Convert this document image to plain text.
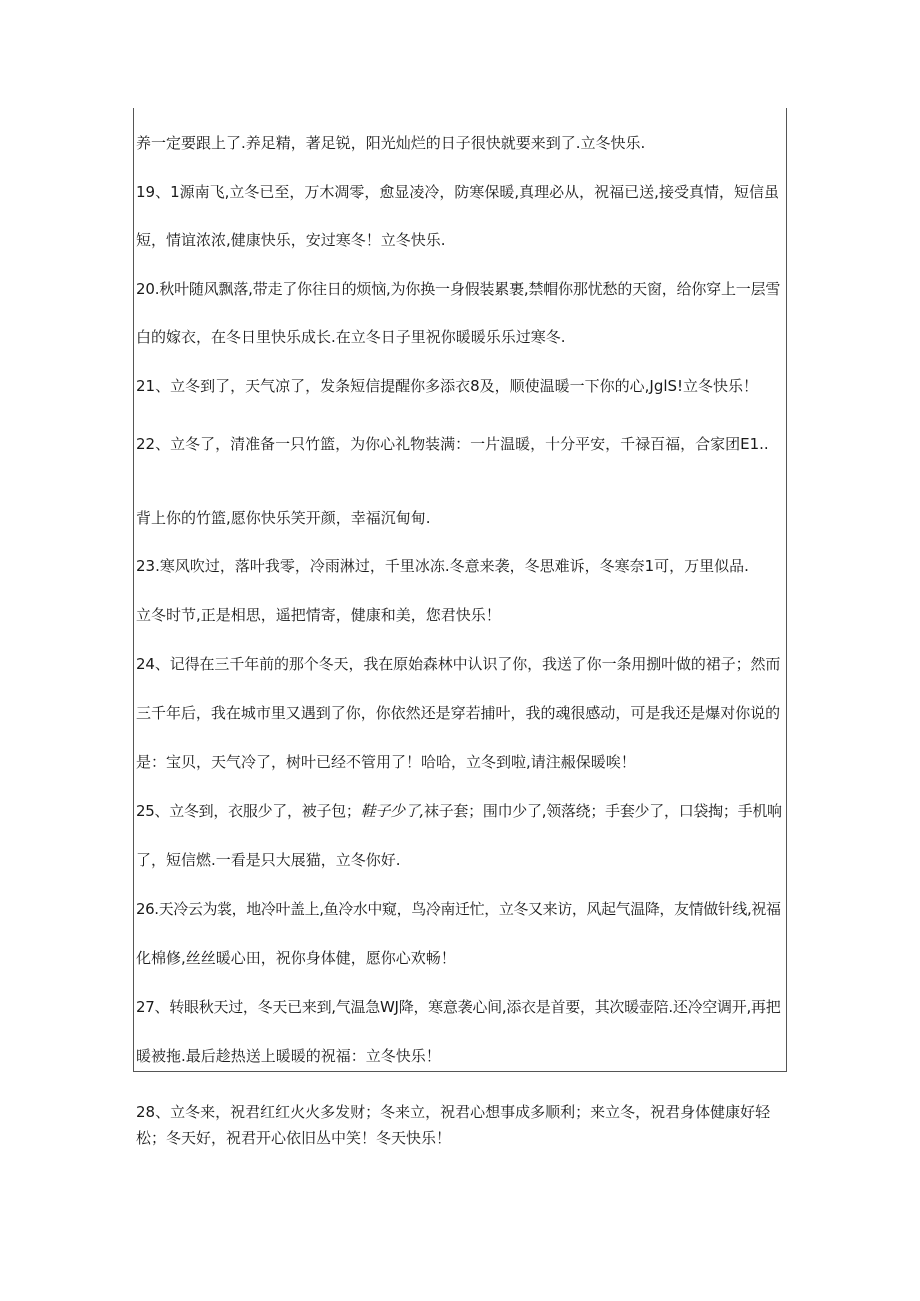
养一定要跟上了.养足精，著足锐，阳光灿烂的日子很快就要来到了.立冬快乐.
19、1源南飞,立冬已至，万木凋零，愈显凌冷，防寒保暖,真理必从，祝福已送,接受真情，短信虽
短，情谊浓浓,健康快乐，安过寒冬！立冬快乐.
20.秋叶随风飘落,带走了你往日的烦恼,为你换一身假装累裹,禁帽你那忧愁的天窗，给你穿上一层雪
白的嫁衣，在冬日里快乐成长.在立冬日子里祝你暖暖乐乐过寒冬.
21、立冬到了，天气凉了，发条短信提醒你多添衣8及，顺使温暖一下你的心,JglS!立冬快乐！
22、立冬了，清准备一只竹篮，为你心礼物装满：一片温暖，十分平安，千禄百福，合家团E1..
背上你的竹篮,愿你快乐笑开颜，幸福沉甸甸.
23.寒风吹过，落叶我零，冷雨淋过，千里冰冻.冬意来袭，冬思难诉，冬寒奈1可，万里似品.
立冬时节,正是相思，遥把情寄，健康和美，您君快乐！
24、记得在三千年前的那个冬天，我在原始森林中认识了你，我送了你一条用捌叶做的裙子；然而
三千年后，我在城市里又遇到了你，你依然还是穿若捕叶，我的魂很感动，可是我还是爆对你说的
是：宝贝，天气冷了，树叶已经不管用了！哈哈，立冬到啦,请注赧保暖唉！
25、立冬到，衣服少了，被子包；鞋子少了,袜子套；围巾少了,领落绕；手套少了，口袋掏；手机响
了，短信燃.一看是只大展猫，立冬你好.
26.天冷云为裳，地冷叶盖上,鱼冷水中窥，鸟冷南迁忙，立冬又来访，风起气温降，友情做针线,祝福
化棉修,丝丝暖心田，祝你身体健，愿你心欢畅！
27、转眼秋天过，冬天已来到,气温急WJ降，寒意袭心间,添衣是首要，其次暖壶陪.还冷空调开,再把
暖被拖.最后趁热送上暖暖的祝福：立冬快乐！
28、立冬来，祝君红红火火多发财；冬来立，祝君心想事成多顺利；来立冬，祝君身体健康好轻
松；冬天好，祝君开心依旧丛中笑！冬天快乐！
